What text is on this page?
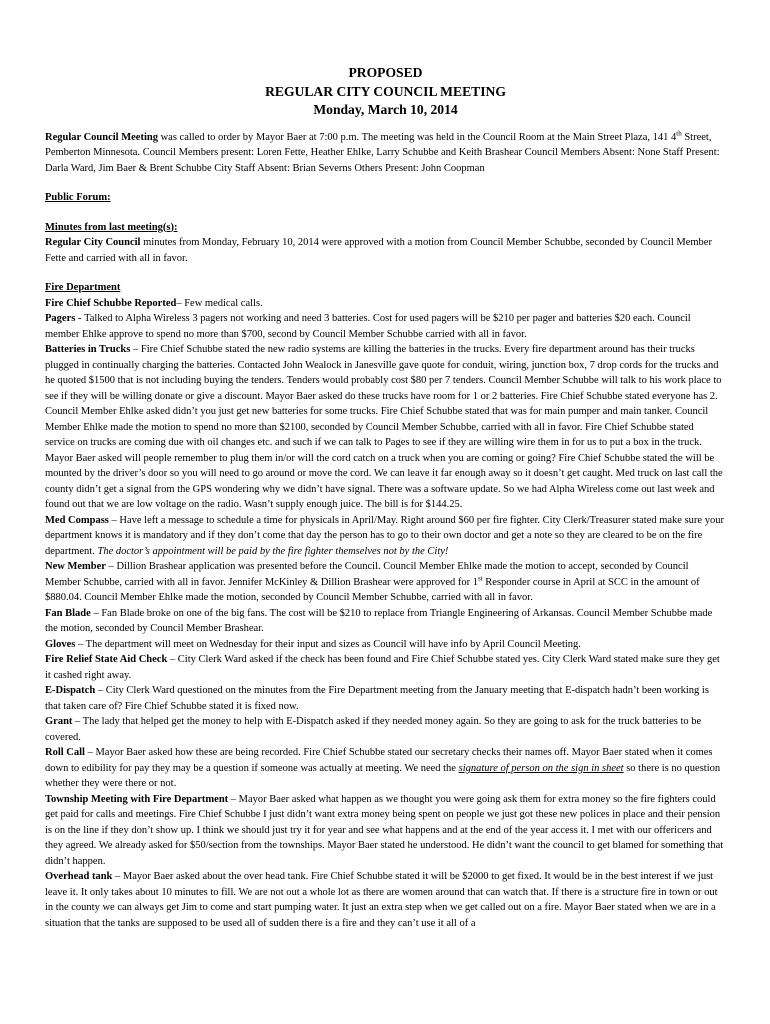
PROPOSED
REGULAR CITY COUNCIL MEETING
Monday, March 10, 2014

Regular Council Meeting was called to order by Mayor Baer at 7:00 p.m. The meeting was held in the Council Room at the Main Street Plaza, 141 4th Street, Pemberton Minnesota. Council Members present: Loren Fette, Heather Ehlke, Larry Schubbe and Keith Brashear Council Members Absent: None Staff Present: Darla Ward, Jim Baer & Brent Schubbe City Staff Absent: Brian Severns Others Present: John Coopman

Public Forum:

Minutes from last meeting(s):

Regular City Council minutes from Monday, February 10, 2014 were approved with a motion from Council Member Schubbe, seconded by Council Member Fette and carried with all in favor.

Fire Department

Fire Chief Schubbe Reported– Few medical calls.

Pagers - Talked to Alpha Wireless 3 pagers not working and need 3 batteries. Cost for used pagers will be $210 per pager and batteries $20 each. Council member Ehlke approve to spend no more than $700, second by Council Member Schubbe carried with all in favor.

Batteries in Trucks – Fire Chief Schubbe stated the new radio systems are killing the batteries in the trucks. Every fire department around has their trucks plugged in continually charging the batteries. Contacted John Wealock in Janesville gave quote for conduit, wiring, junction box, 7 drop cords for the trucks and he quoted $1500 that is not including buying the tenders. Tenders would probably cost $80 per 7 tenders. Council Member Schubbe will talk to his work place to see if they will be willing donate or give a discount. Mayor Baer asked do these trucks have room for 1 or 2 batteries. Fire Chief Schubbe stated everyone has 2. Council Member Ehlke asked didn’t you just get new batteries for some trucks. Fire Chief Schubbe stated that was for main pumper and main tanker. Council Member Ehlke made the motion to spend no more than $2100, seconded by Council Member Schubbe, carried with all in favor. Fire Chief Schubbe stated service on trucks are coming due with oil changes etc. and such if we can talk to Pages to see if they are willing wire them in for us to put a box in the truck. Mayor Baer asked will people remember to plug them in/or will the cord catch on a truck when you are coming or going? Fire Chief Schubbe stated the will be mounted by the driver’s door so you will need to go around or move the cord. We can leave it far enough away so it doesn’t get caught. Med truck on last call the county didn’t get a signal from the GPS wondering why we didn’t have signal. There was a software update. So we had Alpha Wireless come out last week and found out that we are low voltage on the radio. Wasn’t supply enough juice. The bill is for $144.25.

Med Compass – Have left a message to schedule a time for physicals in April/May. Right around $60 per fire fighter. City Clerk/Treasurer stated make sure your department knows it is mandatory and if they don’t come that day the person has to go to their own doctor and get a note so they are cleared to be on the fire department. The doctor’s appointment will be paid by the fire fighter themselves not by the City!

New Member – Dillion Brashear application was presented before the Council. Council Member Ehlke made the motion to accept, seconded by Council Member Schubbe, carried with all in favor. Jennifer McKinley & Dillion Brashear were approved for 1st Responder course in April at SCC in the amount of $880.04. Council Member Ehlke made the motion, seconded by Council Member Schubbe, carried with all in favor.

Fan Blade – Fan Blade broke on one of the big fans. The cost will be $210 to replace from Triangle Engineering of Arkansas. Council Member Schubbe made the motion, seconded by Council Member Brashear.

Gloves – The department will meet on Wednesday for their input and sizes as Council will have info by April Council Meeting.

Fire Relief State Aid Check – City Clerk Ward asked if the check has been found and Fire Chief Schubbe stated yes. City Clerk Ward stated make sure they get it cashed right away.

E-Dispatch – City Clerk Ward questioned on the minutes from the Fire Department meeting from the January meeting that E-dispatch hadn’t been working is that taken care of? Fire Chief Schubbe stated it is fixed now.

Grant – The lady that helped get the money to help with E-Dispatch asked if they needed money again. So they are going to ask for the truck batteries to be covered.

Roll Call – Mayor Baer asked how these are being recorded. Fire Chief Schubbe stated our secretary checks their names off. Mayor Baer stated when it comes down to edibility for pay they may be a question if someone was actually at meeting. We need the signature of person on the sign in sheet so there is no question whether they were there or not.

Township Meeting with Fire Department – Mayor Baer asked what happen as we thought you were going ask them for extra money so the fire fighters could get paid for calls and meetings. Fire Chief Schubbe I just didn’t want extra money being spent on people we just got these new polices in place and their pension is on the line if they don’t show up. I think we should just try it for year and see what happens and at the end of the year access it. I met with our offericers and they agreed. We already asked for $50/section from the townships. Mayor Baer stated he understood. He didn’t want the council to get blamed for something that didn’t happen.

Overhead tank – Mayor Baer asked about the over head tank. Fire Chief Schubbe stated it will be $2000 to get fixed. It would be in the best interest if we just leave it. It only takes about 10 minutes to fill. We are not out a whole lot as there are women around that can watch that. If there is a structure fire in town or out in the county we can always get Jim to come and start pumping water. It just an extra step when we get called out on a fire. Mayor Baer stated when we are in a situation that the tanks are supposed to be used all of sudden there is a fire and they can’t use it all of a
